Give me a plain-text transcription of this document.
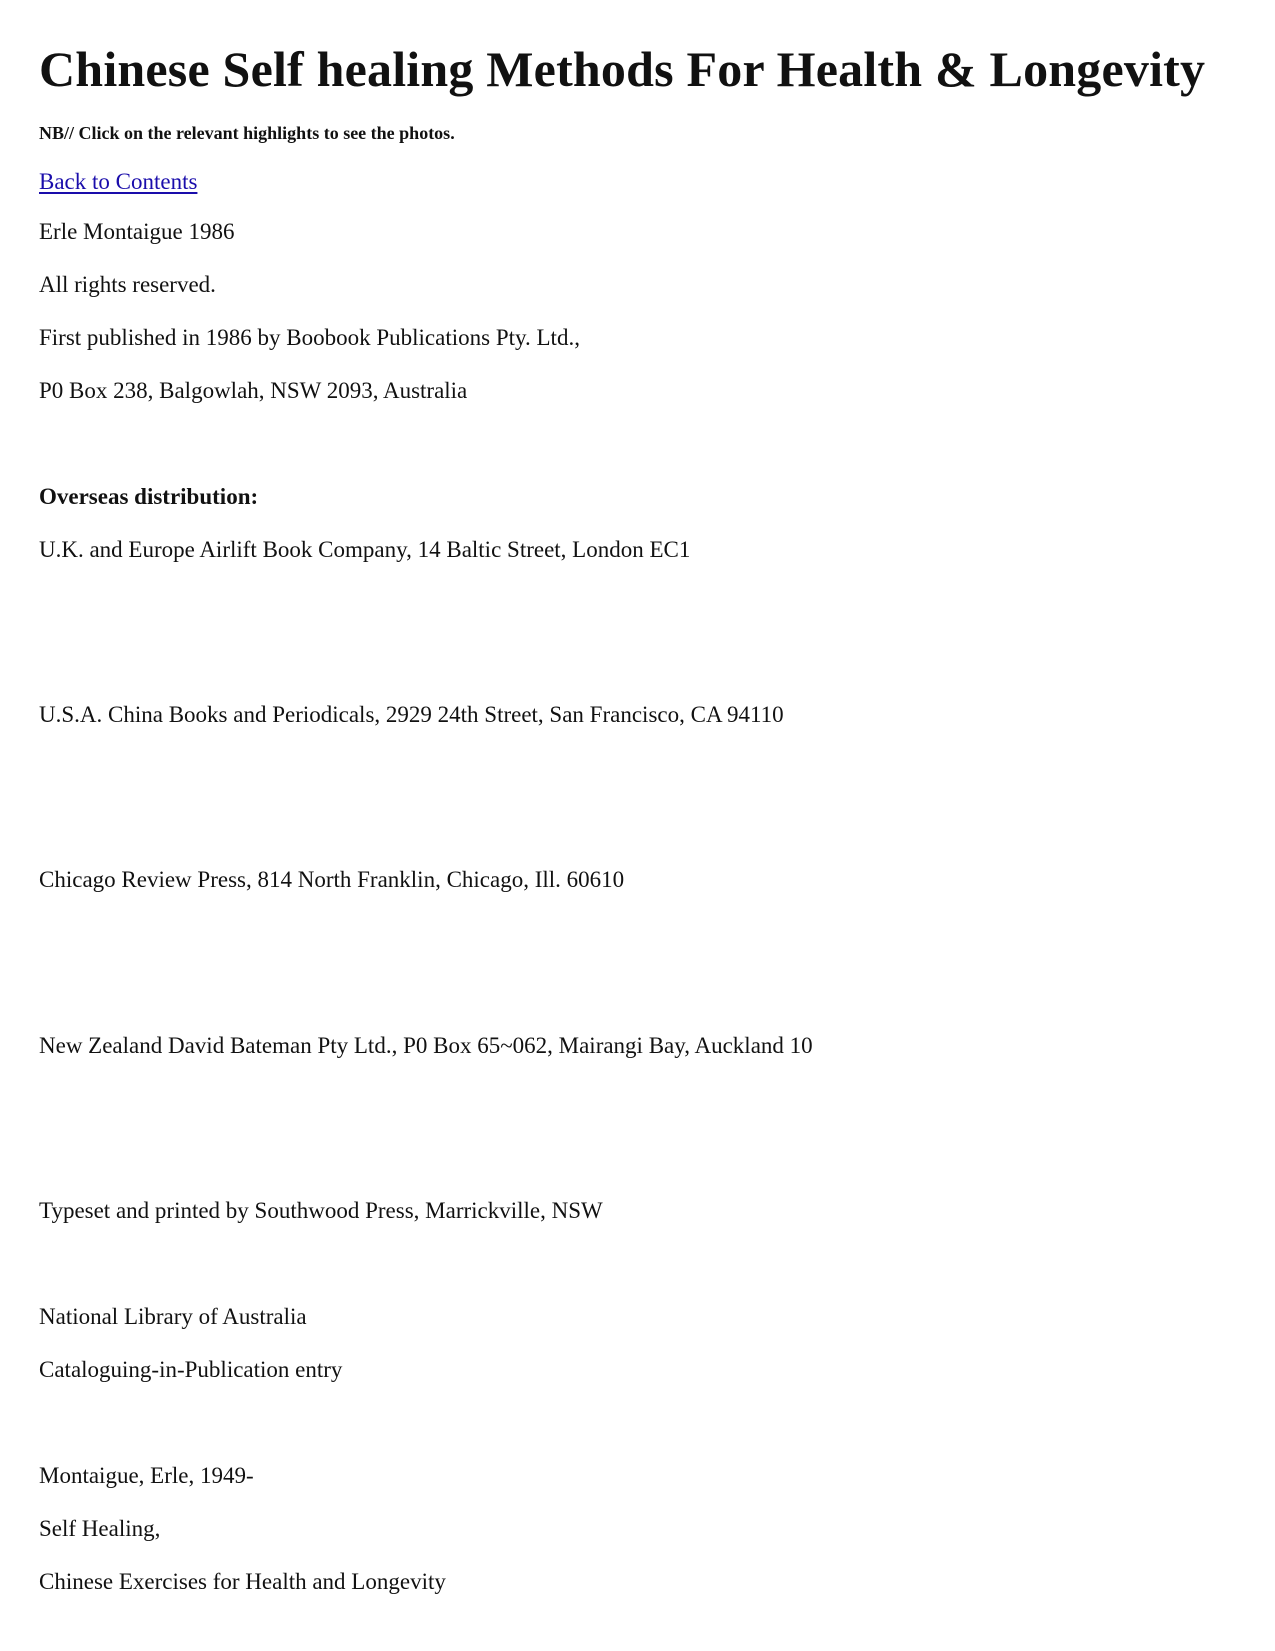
Chinese Self healing Methods For Health & Longevity

NB// Click on the relevant highlights to see the photos.

Back to Contents

Erle Montaigue 1986

All rights reserved.

First published in 1986 by Boobook Publications Pty. Ltd.,

P0 Box 238, Balgowlah, NSW 2093, Australia

Overseas distribution:

U.K. and Europe Airlift Book Company, 14 Baltic Street, London EC1

U.S.A. China Books and Periodicals, 2929 24th Street, San Francisco, CA 94110

Chicago Review Press, 814 North Franklin, Chicago, Ill. 60610

New Zealand David Bateman Pty Ltd., P0 Box 65~062, Mairangi Bay, Auckland 10

Typeset and printed by Southwood Press, Marrickville, NSW

National Library of Australia

Cataloguing-in-Publication entry

Montaigue, Erle, 1949-

Self Healing,

Chinese Exercises for Health and Longevity
